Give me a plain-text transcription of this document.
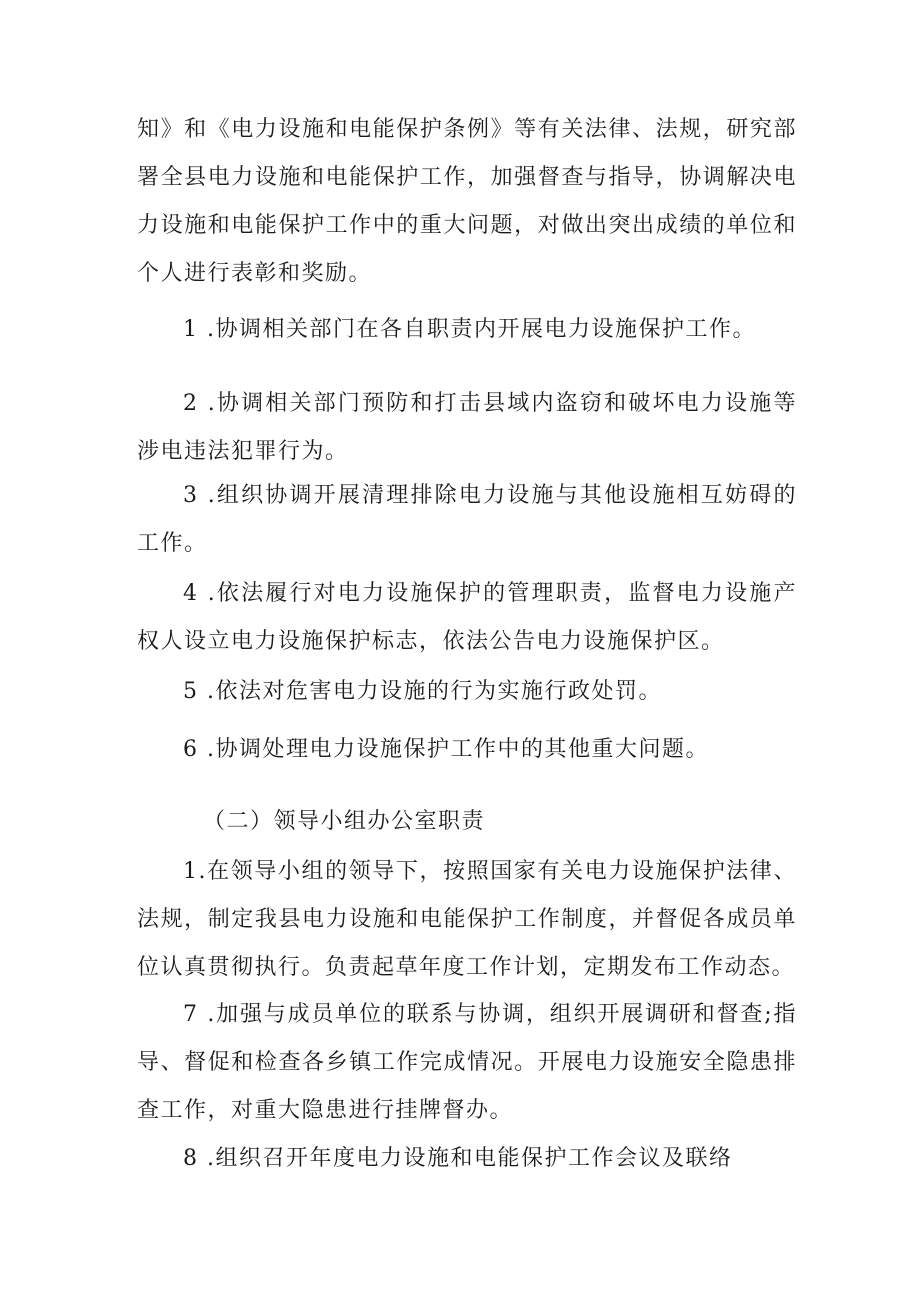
知》和《电力设施和电能保护条例》等有关法律、法规，研究部署全县电力设施和电能保护工作，加强督查与指导，协调解决电力设施和电能保护工作中的重大问题，对做出突出成绩的单位和个人进行表彰和奖励。

1 .协调相关部门在各自职责内开展电力设施保护工作。

2 .协调相关部门预防和打击县域内盗窃和破坏电力设施等涉电违法犯罪行为。

3 .组织协调开展清理排除电力设施与其他设施相互妨碍的工作。

4 .依法履行对电力设施保护的管理职责，监督电力设施产权人设立电力设施保护标志，依法公告电力设施保护区。

5 .依法对危害电力设施的行为实施行政处罚。

6 .协调处理电力设施保护工作中的其他重大问题。

（二）领导小组办公室职责

1.在领导小组的领导下，按照国家有关电力设施保护法律、法规，制定我县电力设施和电能保护工作制度，并督促各成员单位认真贯彻执行。负责起草年度工作计划，定期发布工作动态。

7 .加强与成员单位的联系与协调，组织开展调研和督查;指导、督促和检查各乡镇工作完成情况。开展电力设施安全隐患排查工作，对重大隐患进行挂牌督办。

8 .组织召开年度电力设施和电能保护工作会议及联络
